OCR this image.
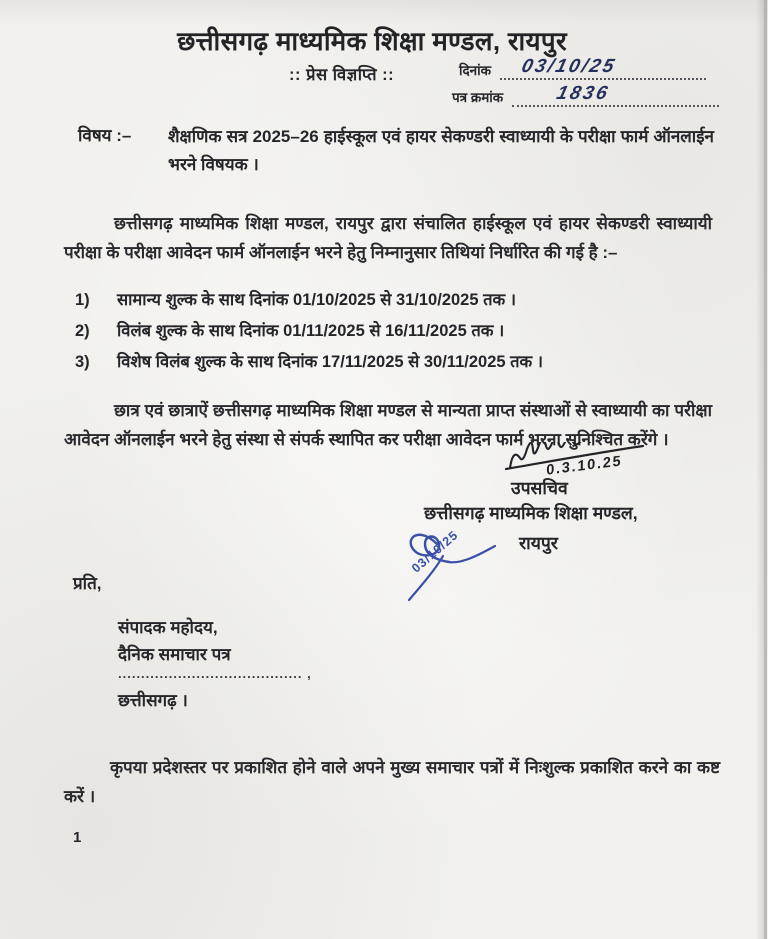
छत्तीसगढ़ माध्यमिक शिक्षा मण्डल, रायपुर
:: प्रेस विज्ञप्ति ::	दिनांक 03/10/25
पत्र क्रमांक	1836
विषय :–	शैक्षणिक सत्र 2025–26 हाईस्कूल एवं हायर सेकण्डरी स्वाध्यायी के परीक्षा फार्म ऑनलाईन भरने विषयक ।

छत्तीसगढ़ माध्यमिक शिक्षा मण्डल, रायपुर द्वारा संचालित हाईस्कूल एवं हायर सेकण्डरी स्वाध्यायी परीक्षा के परीक्षा आवेदन फार्म ऑनलाईन भरने हेतु निम्नानुसार तिथियां निर्धारित की गई है :–

1)	सामान्य शुल्क के साथ दिनांक 01/10/2025 से 31/10/2025 तक ।
2)	विलंब शुल्क के साथ दिनांक 01/11/2025 से 16/11/2025 तक ।
3)	विशेष विलंब शुल्क के साथ दिनांक 17/11/2025 से 30/11/2025 तक ।

छात्र एवं छात्राऐं छत्तीसगढ़ माध्यमिक शिक्षा मण्डल से मान्यता प्राप्त संस्थाओं से स्वाध्यायी का परीक्षा आवेदन ऑनलाईन भरने हेतु संस्था से संपर्क स्थापित कर परीक्षा आवेदन फार्म भरना सुनिश्चित करेंगे ।

0.3.10.25
उपसचिव
छत्तीसगढ़ माध्यमिक शिक्षा मण्डल,
रायपुर
03/10/25
प्रति,
संपादक महोदय,
दैनिक समाचार पत्र
........................................ ,
छत्तीसगढ़ ।

कृपया प्रदेशस्तर पर प्रकाशित होने वाले अपने मुख्य समाचार पत्रों में निःशुल्क प्रकाशित करने का कष्ट करें ।

1
